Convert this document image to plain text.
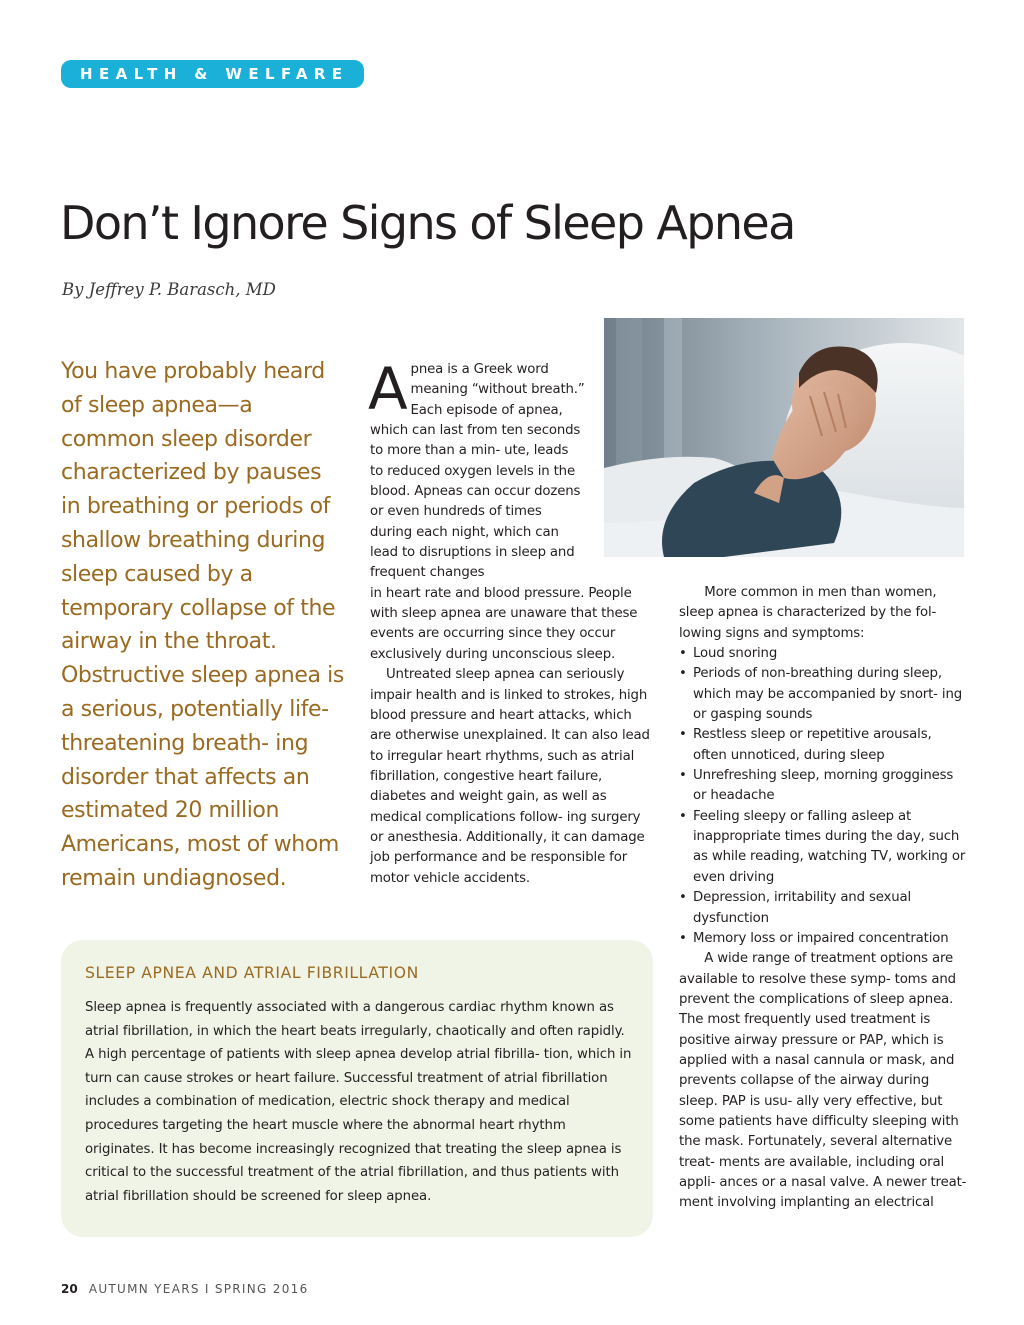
HEALTH & WELFARE
Don’t Ignore Signs of Sleep Apnea

By Jeffrey P. Barasch, MD

You have probably heard of sleep apnea—a common sleep disorder characterized by pauses in breathing or periods of shallow breathing during sleep caused by a temporary collapse of the airway in the throat. Obstructive sleep apnea is a serious, potentially life-threatening breath- ing disorder that affects an estimated 20 million Americans, most of whom remain undiagnosed.

A pnea is a Greek word meaning “without breath.” Each episode of apnea, which can last from ten seconds to more than a min- ute, leads to reduced oxygen levels in the blood. Apneas can occur dozens or even hundreds of times during each night, which can lead to disruptions in sleep and frequent changes
in heart rate and blood pressure. People with sleep apnea are unaware that these events are occurring since they occur exclusively during unconscious sleep.

Untreated sleep apnea can seriously impair health and is linked to strokes, high blood pressure and heart attacks, which are otherwise unexplained. It can also lead to irregular heart rhythms, such as atrial fibrillation, congestive heart failure, diabetes and weight gain, as well as medical complications follow- ing surgery or anesthesia. Additionally, it can damage job performance and be responsible for motor vehicle accidents.

More common in men than women, sleep apnea is characterized by the fol- lowing signs and symptoms:

• Loud snoring
• Periods of non-breathing during sleep, which may be accompanied by snort- ing or gasping sounds
• Restless sleep or repetitive arousals, often unnoticed, during sleep
• Unrefreshing sleep, morning grogginess or headache
• Feeling sleepy or falling asleep at inappropriate times during the day, such as while reading, watching TV, working or even driving
• Depression, irritability and sexual dysfunction
• Memory loss or impaired concentration

A wide range of treatment options are available to resolve these symp- toms and prevent the complications of sleep apnea. The most frequently used treatment is positive airway pressure or PAP, which is applied with a nasal cannula or mask, and prevents collapse of the airway during sleep. PAP is usu- ally very effective, but some patients have difficulty sleeping with the mask. Fortunately, several alternative treat- ments are available, including oral appli- ances or a nasal valve. A newer treat- ment involving implanting an electrical

SLEEP APNEA AND ATRIAL FIBRILLATION

Sleep apnea is frequently associated with a dangerous cardiac rhythm known as atrial fibrillation, in which the heart beats irregularly, chaotically and often rapidly. A high percentage of patients with sleep apnea develop atrial fibrilla- tion, which in turn can cause strokes or heart failure. Successful treatment of atrial fibrillation includes a combination of medication, electric shock therapy and medical procedures targeting the heart muscle where the abnormal heart rhythm originates. It has become increasingly recognized that treating the sleep apnea is critical to the successful treatment of the atrial fibrillation, and thus patients with atrial fibrillation should be screened for sleep apnea.

20 AUTUMN YEARS I SPRING 2016
